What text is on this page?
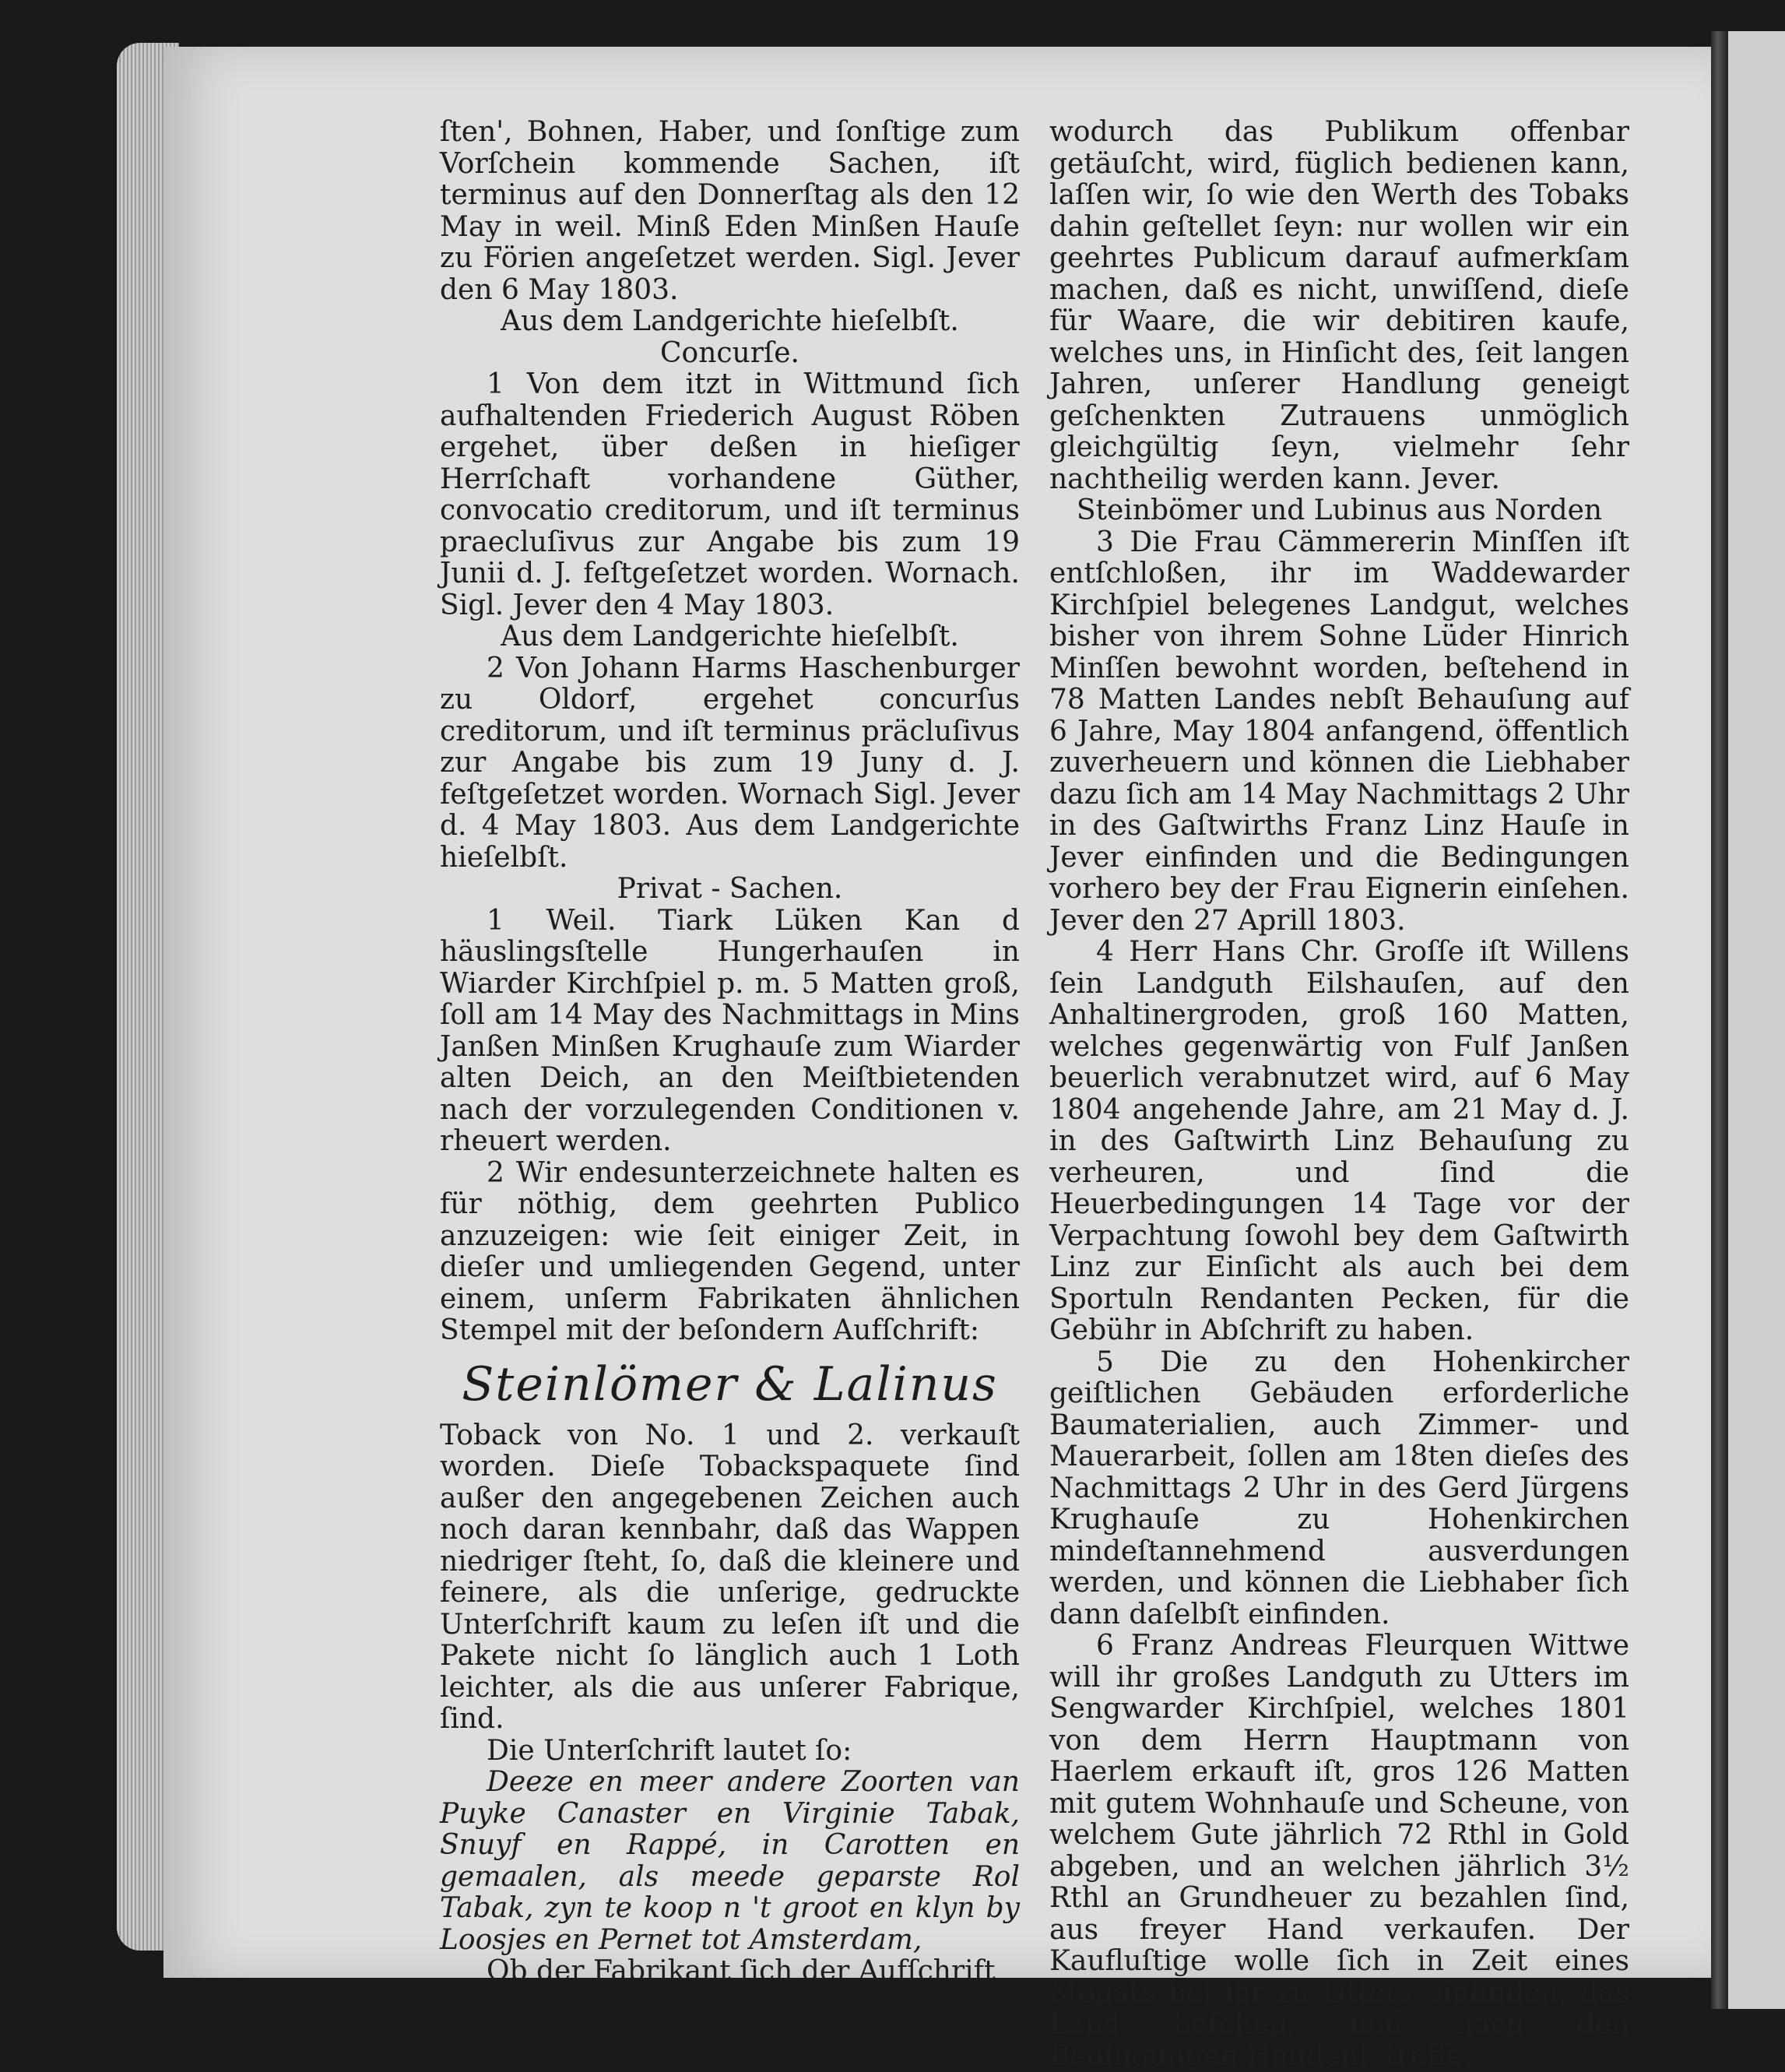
ſten', Bohnen, Haber, und ſonſtige zum Vorſchein kommende Sachen, iſt terminus auf den Donnerſtag als den 12 May in weil. Minß Eden Minßen Hauſe zu Förien angeſetzet werden. Sigl. Jever den 6 May 1803.

Aus dem Landgerichte hieſelbſt.

Concurſe.

1 Von dem itzt in Wittmund ſich aufhaltenden Friederich August Röben ergehet, über deßen in hieſiger Herrſchaft vorhandene Güther, convocatio creditorum, und iſt terminus praecluſivus zur Angabe bis zum 19 Junii d. J. feſtgeſetzet worden. Wornach. Sigl. Jever den 4 May 1803.

Aus dem Landgerichte hieſelbſt.

2 Von Johann Harms Haschenburger zu Oldorf, ergehet concurſus creditorum, und iſt terminus präcluſivus zur Angabe bis zum 19 Juny d. J. feſtgeſetzet worden. Wornach Sigl. Jever d. 4 May 1803. Aus dem Landgerichte hieſelbſt.

Privat - Sachen.

1 Weil. Tiark Lüken Kan d häuslingsſtelle Hungerhauſen in Wiarder Kirchſpiel p. m. 5 Matten groß, ſoll am 14 May des Nachmittags in Mins Janßen Minßen Krughauſe zum Wiarder alten Deich, an den Meiſtbietenden nach der vorzulegenden Conditionen v. rheuert werden.

2 Wir endesunterzeichnete halten es für nöthig, dem geehrten Publico anzuzeigen: wie ſeit einiger Zeit, in dieſer und umliegenden Gegend, unter einem, unſerm Fabrikaten ähnlichen Stempel mit der beſondern Aufſchrift:

Steinlömer & Lalinus

Toback von No. 1 und 2. verkauſt worden. Dieſe Tobackspaquete ſind außer den angegebenen Zeichen auch noch daran kennbahr, daß das Wappen niedriger ſteht, ſo, daß die kleinere und feinere, als die unſerige, gedruckte Unterſchrift kaum zu leſen iſt und die Pakete nicht ſo länglich auch 1 Loth leichter, als die aus unſerer Fabrique, ſind.

Die Unterſchrift lautet ſo:

Deeze en meer andere Zoorten van Puyke Canaster en Virginie Tabak, Snuyf en Rappé, in Carotten en gemaalen, als meede geparste Rol Tabak, zyn te koop n 't groot en klyn by Loosjes en Pernet tot Amsterdam,

Ob der Fabrikant ſich der Aufſchrift

wodurch das Publikum offenbar getäuſcht, wird, füglich bedienen kann, laſſen wir, ſo wie den Werth des Tobaks dahin geſtellet ſeyn: nur wollen wir ein geehrtes Publicum darauf aufmerkſam machen, daß es nicht, unwiſſend, dieſe für Waare, die wir debitiren kaufe, welches uns, in Hinſicht des, ſeit langen Jahren, unſerer Handlung geneigt geſchenkten Zutrauens unmöglich gleichgültig ſeyn, vielmehr ſehr nachtheilig werden kann. Jever.

Steinbömer und Lubinus aus Norden

3 Die Frau Cämmererin Minſſen iſt entſchloßen, ihr im Waddewarder Kirchſpiel belegenes Landgut, welches bisher von ihrem Sohne Lüder Hinrich Minſſen bewohnt worden, beſtehend in 78 Matten Landes nebſt Behauſung auf 6 Jahre, May 1804 anfangend, öffentlich zuverheuern und können die Liebhaber dazu ſich am 14 May Nachmittags 2 Uhr in des Gaſtwirths Franz Linz Hauſe in Jever einfinden und die Bedingungen vorhero bey der Frau Eignerin einſehen. Jever den 27 Aprill 1803.

4 Herr Hans Chr. Groſſe iſt Willens ſein Landguth Eilshauſen, auf den Anhaltinergroden, groß 160 Matten, welches gegenwärtig von Fulf Janßen beuerlich verabnutzet wird, auf 6 May 1804 angehende Jahre, am 21 May d. J. in des Gaſtwirth Linz Behauſung zu verheuren, und ſind die Heuerbedingungen 14 Tage vor der Verpachtung ſowohl bey dem Gaſtwirth Linz zur Einſicht als auch bei dem Sportuln Rendanten Pecken, für die Gebühr in Abſchrift zu haben.

5 Die zu den Hohenkircher geiſtlichen Gebäuden erforderliche Baumaterialien, auch Zimmer- und Mauerarbeit, ſollen am 18ten dieſes des Nachmittags 2 Uhr in des Gerd Jürgens Krughauſe zu Hohenkirchen mindeſtannehmend ausverdungen werden, und können die Liebhaber ſich dann daſelbſt einfinden.

6 Franz Andreas Fleurquen Wittwe will ihr großes Landguth zu Utters im Sengwarder Kirchſpiel, welches 1801 von dem Herrn Hauptmann von Haerlem erkauft iſt, gros 126 Matten mit gutem Wohnhauſe und Scheune, von welchem Gute jährlich 72 Rthl in Gold abgeben, und an welchen jährlich 3½ Rthl an Grundheuer zu bezahlen ſind, aus freyer Hand verkaufen. Der Kaufluſtige wolle ſich in Zeit eines Monats bei ihr zu Utters einfinden, das Land beſehen, und nach den Bedingungen Handenl. treffe.
